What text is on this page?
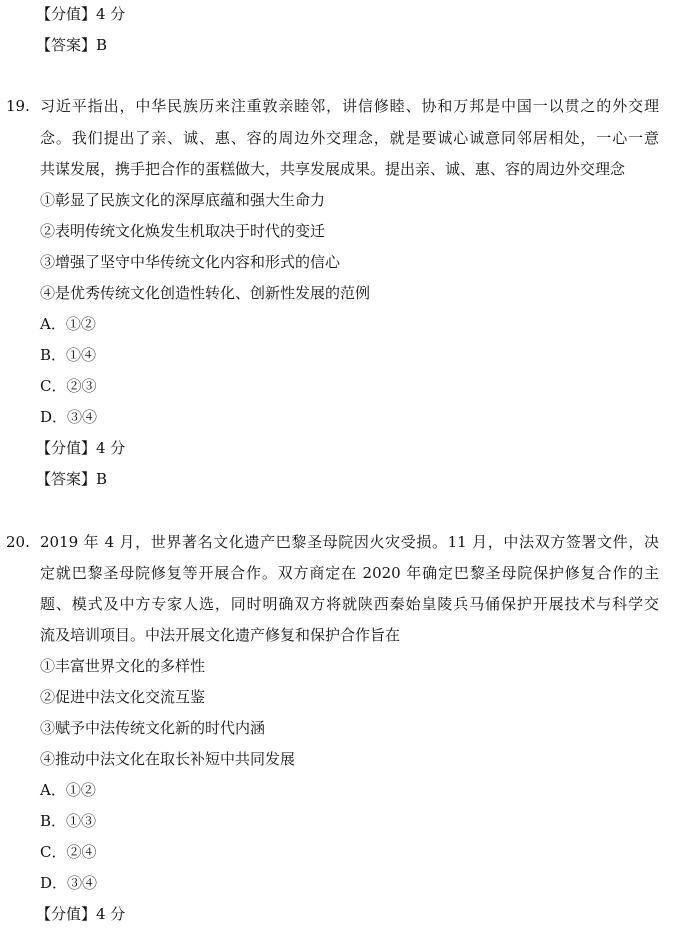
【分值】4 分
【答案】B
19. 习近平指出，中华民族历来注重敦亲睦邻，讲信修睦、协和万邦是中国一以贯之的外交理
念。我们提出了亲、诚、惠、容的周边外交理念，就是要诚心诚意同邻居相处，一心一意
共谋发展，携手把合作的蛋糕做大，共享发展成果。提出亲、诚、惠、容的周边外交理念
①彰显了民族文化的深厚底蕴和强大生命力
②表明传统文化焕发生机取决于时代的变迁
③增强了坚守中华传统文化内容和形式的信心
④是优秀传统文化创造性转化、创新性发展的范例
A．①②
B．①④
C．②③
D．③④
【分值】4 分
【答案】B
20. 2019 年 4 月，世界著名文化遗产巴黎圣母院因火灾受损。11 月，中法双方签署文件，决
定就巴黎圣母院修复等开展合作。双方商定在 2020 年确定巴黎圣母院保护修复合作的主
题、模式及中方专家人选，同时明确双方将就陕西秦始皇陵兵马俑保护开展技术与科学交
流及培训项目。中法开展文化遗产修复和保护合作旨在
①丰富世界文化的多样性
②促进中法文化交流互鉴
③赋予中法传统文化新的时代内涵
④推动中法文化在取长补短中共同发展
A．①②
B．①③
C．②④
D．③④
【分值】4 分
